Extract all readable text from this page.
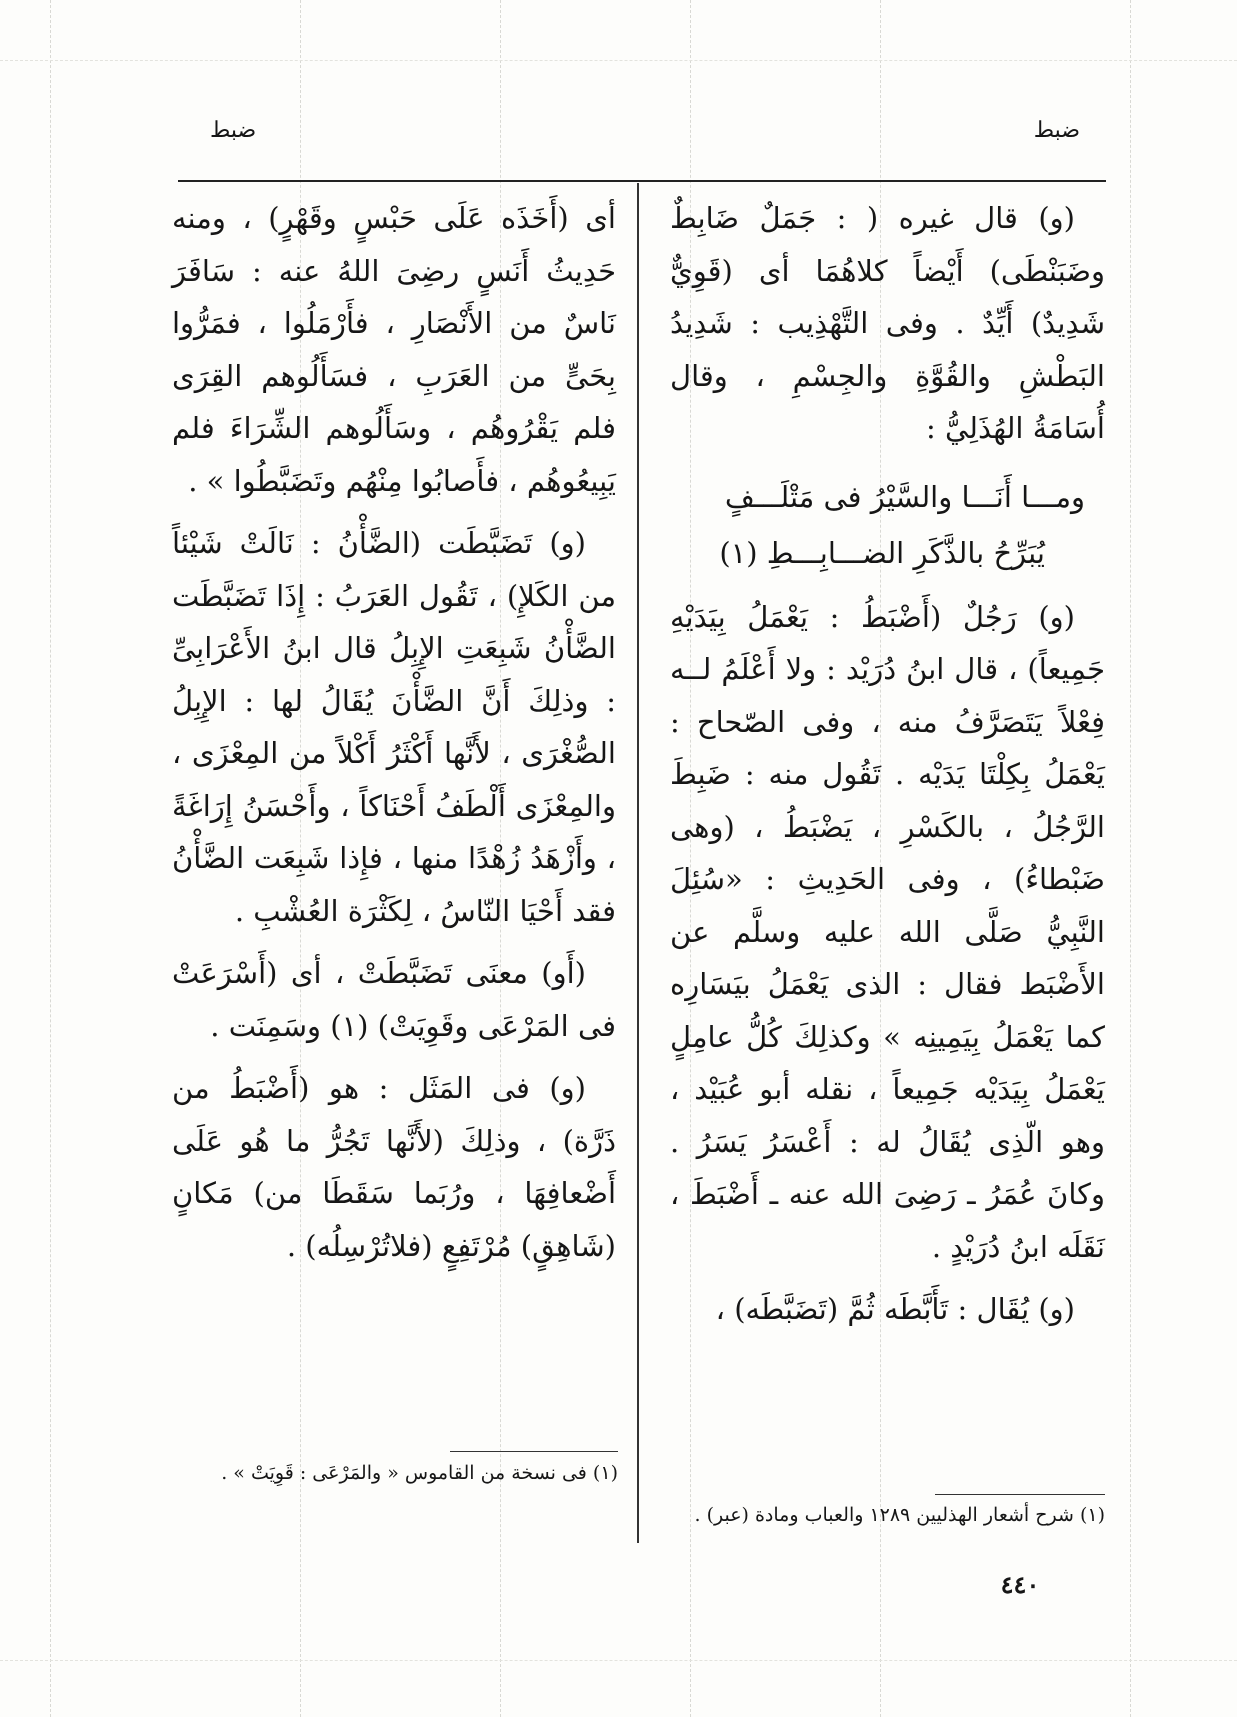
ضبط
ضبط

(و) قال غيره ( : جَمَلٌ ضَابِطٌ وضَبَنْطَى) أَيْضاً كلاهُمَا أى (قَوِيٌّ شَدِيدٌ) أَيِّدٌ . وفى التَّهْذِيب : شَدِيدُ البَطْشِ والقُوَّةِ والجِسْمِ ، وقال أُسَامَةُ الهُذَلِيُّ :

ومـــا أَنَـــا والسَّيْرُ فى مَتْلَـــفٍ
يُبَرِّحُ بالذَّكَرِ الضـــابِـــطِ (١)

(و) رَجُلٌ (أَضْبَطُ : يَعْمَلُ بِيَدَيْهِ جَمِيعاً) ، قال ابنُ دُرَيْد : ولا أَعْلَمُ لــه فِعْلاً يَتَصَرَّفُ منه ، وفى الصّحاح : يَعْمَلُ بِكِلْتَا يَدَيْه . تَقُول منه : ضَبِطَ الرَّجُلُ ، بالكَسْرِ ، يَضْبَطُ ، (وهى ضَبْطاءُ) ، وفى الحَدِيثِ : «سُئِلَ النَّبِيُّ صَلَّى الله عليه وسلَّم عن الأَضْبَط فقال : الذى يَعْمَلُ بيَسَارِه كما يَعْمَلُ بِيَمِينِه » وكذلِكَ كُلُّ عامِلٍ يَعْمَلُ بِيَدَيْه جَمِيعاً ، نقله أبو عُبَيْد ، وهو الّذِى يُقَالُ له : أَعْسَرُ يَسَرُ . وكانَ عُمَرُ ـ رَضِىَ الله عنه ـ أَضْبَطَ ، نَقَلَه ابنُ دُرَيْدٍ .

(و) يُقَال : تَأَبَّطَه ثُمَّ (تَضَبَّطَه) ،

أى (أَخَذَه عَلَى حَبْسٍ وقَهْرٍ) ، ومنه حَدِيثُ أَنَسٍ رضِىَ اللهُ عنه : سَافَرَ نَاسٌ من الأَنْصَارِ ، فأَرْمَلُوا ، فمَرُّوا بِحَىٍّ من العَرَبِ ، فسَأَلُوهم القِرَى فلم يَقْرُوهُم ، وسَأَلُوهم الشِّرَاءَ فلم يَبِيعُوهُم ، فأَصابُوا مِنْهُم وتَضَبَّطُوا » .

(و) تَضَبَّطَت (الضَّأْنُ : نَالَتْ شَيْئاً من الكَلإِ) ، تَقُول العَرَبُ : إِذَا تَضَبَّطَت الضَّأْنُ شَبِعَتِ الإِبِلُ قال ابنُ الأَعْرَابِىِّ : وذلِكَ أَنَّ الضَّأْنَ يُقَالُ لها : الإِبِلُ الصُّغْرَى ، لأَنَّها أَكْثَرُ أَكْلاً من المِعْزَى ، والمِعْزَى أَلْطَفُ أَحْنَاكاً ، وأَحْسَنُ إِرَاغَةً ، وأَزْهَدُ زُهْدًا منها ، فإِذا شَبِعَت الضَّأْنُ فقد أَحْيَا النّاسُ ، لِكَثْرَة العُشْبِ .

(أَو) معنَى تَضَبَّطَتْ ، أى (أَسْرَعَتْ فى المَرْعَى وقَوِيَتْ) (١) وسَمِنَت .

(و) فى المَثَل : هو (أَضْبَطُ من ذَرَّة) ، وذلِكَ (لأَنَّها تَجُرُّ ما هُو عَلَى أَضْعافِهَا ، ورُبَما سَقَطَا من) مَكانٍ (شَاهِقٍ) مُرْتَفِعٍ (فلاتُرْسِلُه) .

(١) شرح أشعار الهذليين ١٢٨٩ والعباب ومادة (عبر) .
(١) فى نسخة من القاموس « والمَرْعَى : قَوِيَتْ » .
٤٤٠
